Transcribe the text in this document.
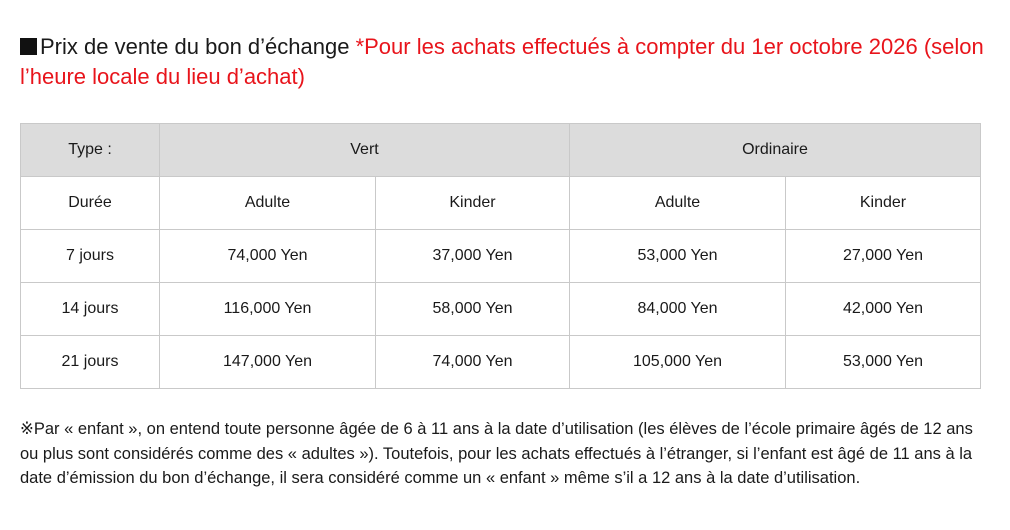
Prix de vente du bon d’échange *Pour les achats effectués à compter du 1er octobre 2026 (selon l’heure locale du lieu d’achat)
Type :	Vert		Ordinaire	
Durée	Adulte	Kinder	Adulte	Kinder
7 jours	74,000 Yen	37,000 Yen	53,000 Yen	27,000 Yen
14 jours	116,000 Yen	58,000 Yen	84,000 Yen	42,000 Yen
21 jours	147,000 Yen	74,000 Yen	105,000 Yen	53,000 Yen
※Par « enfant », on entend toute personne âgée de 6 à 11 ans à la date d’utilisation (les élèves de l’école primaire âgés de 12 ans ou plus sont considérés comme des « adultes »). Toutefois, pour les achats effectués à l’étranger, si l’enfant est âgé de 11 ans à la date d’émission du bon d’échange, il sera considéré comme un « enfant » même s’il a 12 ans à la date d’utilisation.
